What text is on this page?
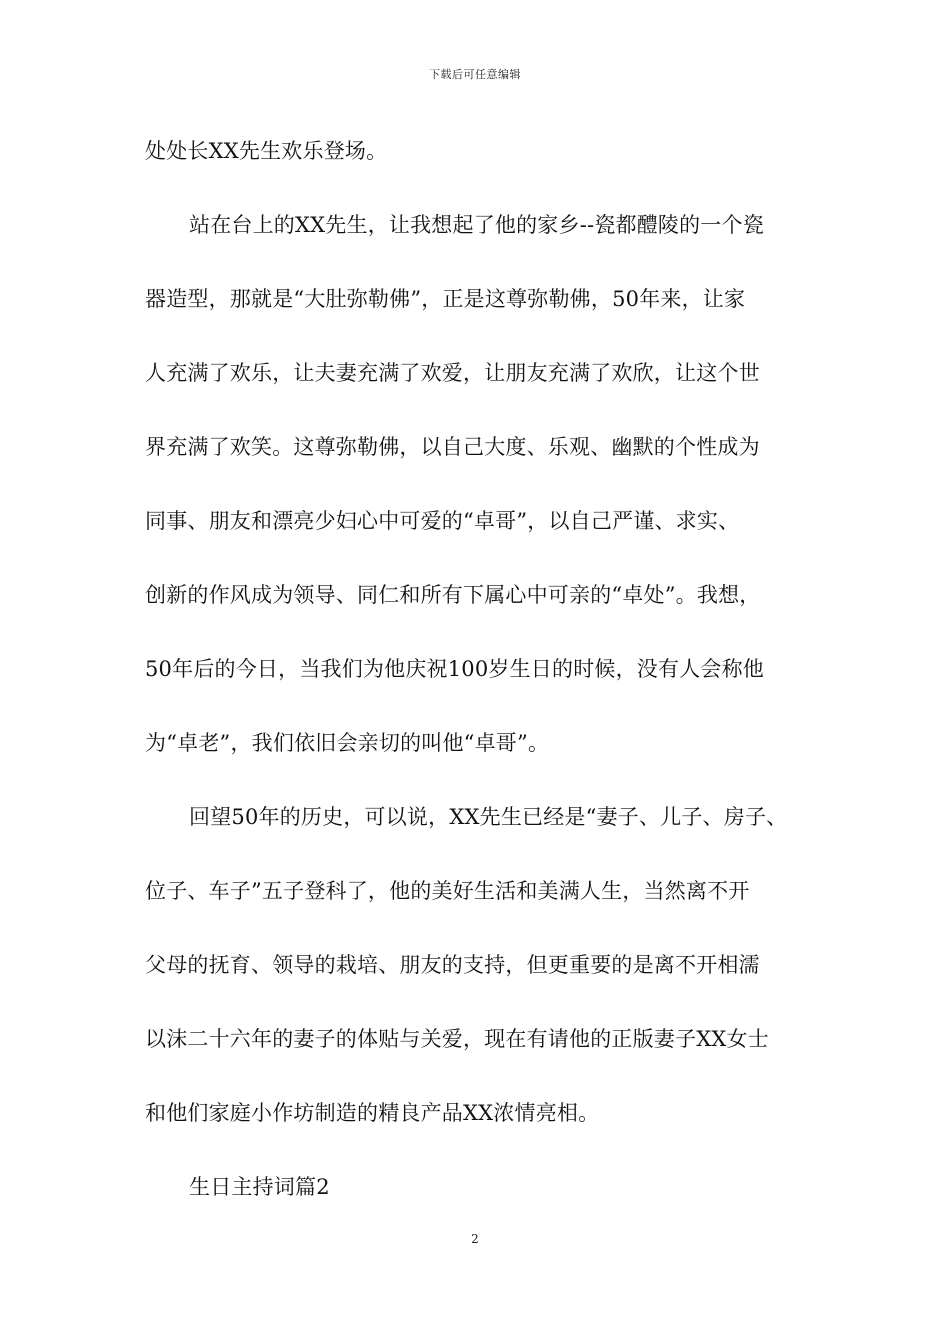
下载后可任意编辑
处处长XX先生欢乐登场。
站在台上的XX先生，让我想起了他的家乡--瓷都醴陵的一个瓷
器造型，那就是“大肚弥勒佛”，正是这尊弥勒佛，50年来，让家
人充满了欢乐，让夫妻充满了欢爱，让朋友充满了欢欣，让这个世
界充满了欢笑。这尊弥勒佛，以自己大度、乐观、幽默的个性成为
同事、朋友和漂亮少妇心中可爱的“卓哥”，以自己严谨、求实、
创新的作风成为领导、同仁和所有下属心中可亲的“卓处”。我想，
50年后的今日，当我们为他庆祝100岁生日的时候，没有人会称他
为“卓老”，我们依旧会亲切的叫他“卓哥”。
回望50年的历史，可以说，XX先生已经是“妻子、儿子、房子、
位子、车子”五子登科了，他的美好生活和美满人生，当然离不开
父母的抚育、领导的栽培、朋友的支持，但更重要的是离不开相濡
以沫二十六年的妻子的体贴与关爱，现在有请他的正版妻子XX女士
和他们家庭小作坊制造的精良产品XX浓情亮相。
生日主持词篇2
2
